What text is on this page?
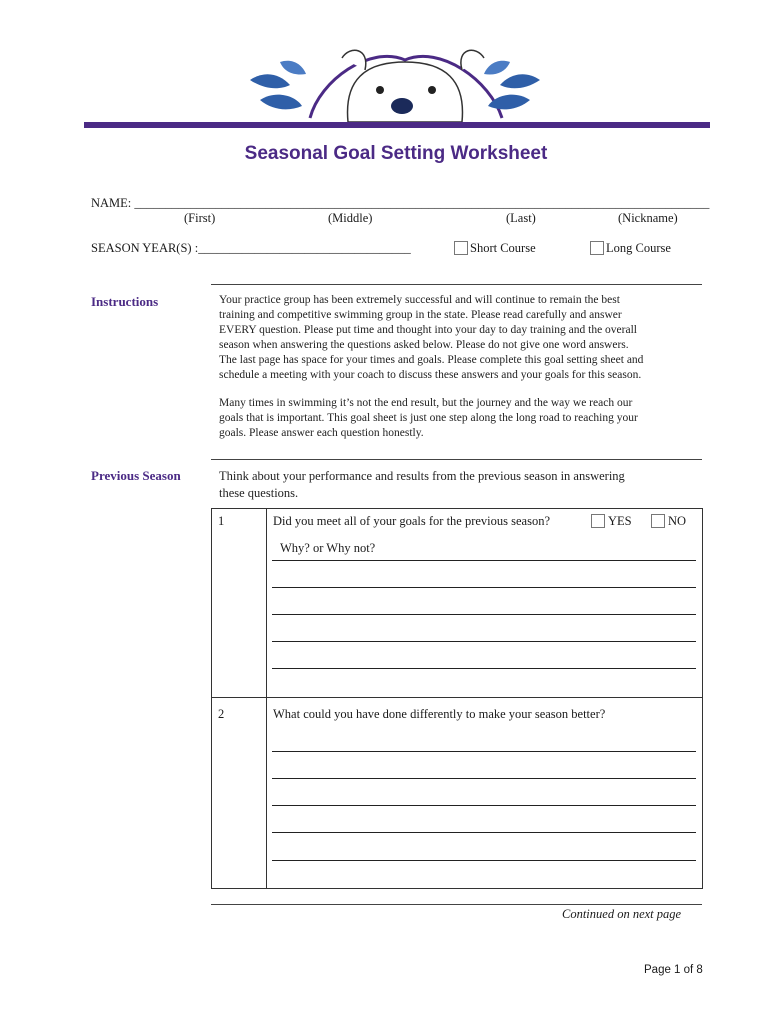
Seasonal Goal Setting Worksheet
NAME: ____________________________________________________________________________________________
(First)	(Middle)	(Last)	(Nickname)
SEASON YEAR(S) :__________________________________	Short Course	Long Course
Instructions	Your practice group has been extremely successful and will continue to remain the best
training and competitive swimming group in the state. Please read carefully and answer
EVERY question. Please put time and thought into your day to day training and the overall
season when answering the questions asked below. Please do not give one word answers.
The last page has space for your times and goals. Please complete this goal setting sheet and
schedule a meeting with your coach to discuss these answers and your goals for this season.
Many times in swimming it’s not the end result, but the journey and the way we reach our
goals that is important. This goal sheet is just one step along the long road to reaching your
goals. Please answer each question honestly.
Previous Season	Think about your performance and results from the previous season in answering
these questions.
1	Did you meet all of your goals for the previous season?	YES	NO
Why? or Why not?
2	What could you have done differently to make your season better?
Continued on next page
Page 1 of 8
